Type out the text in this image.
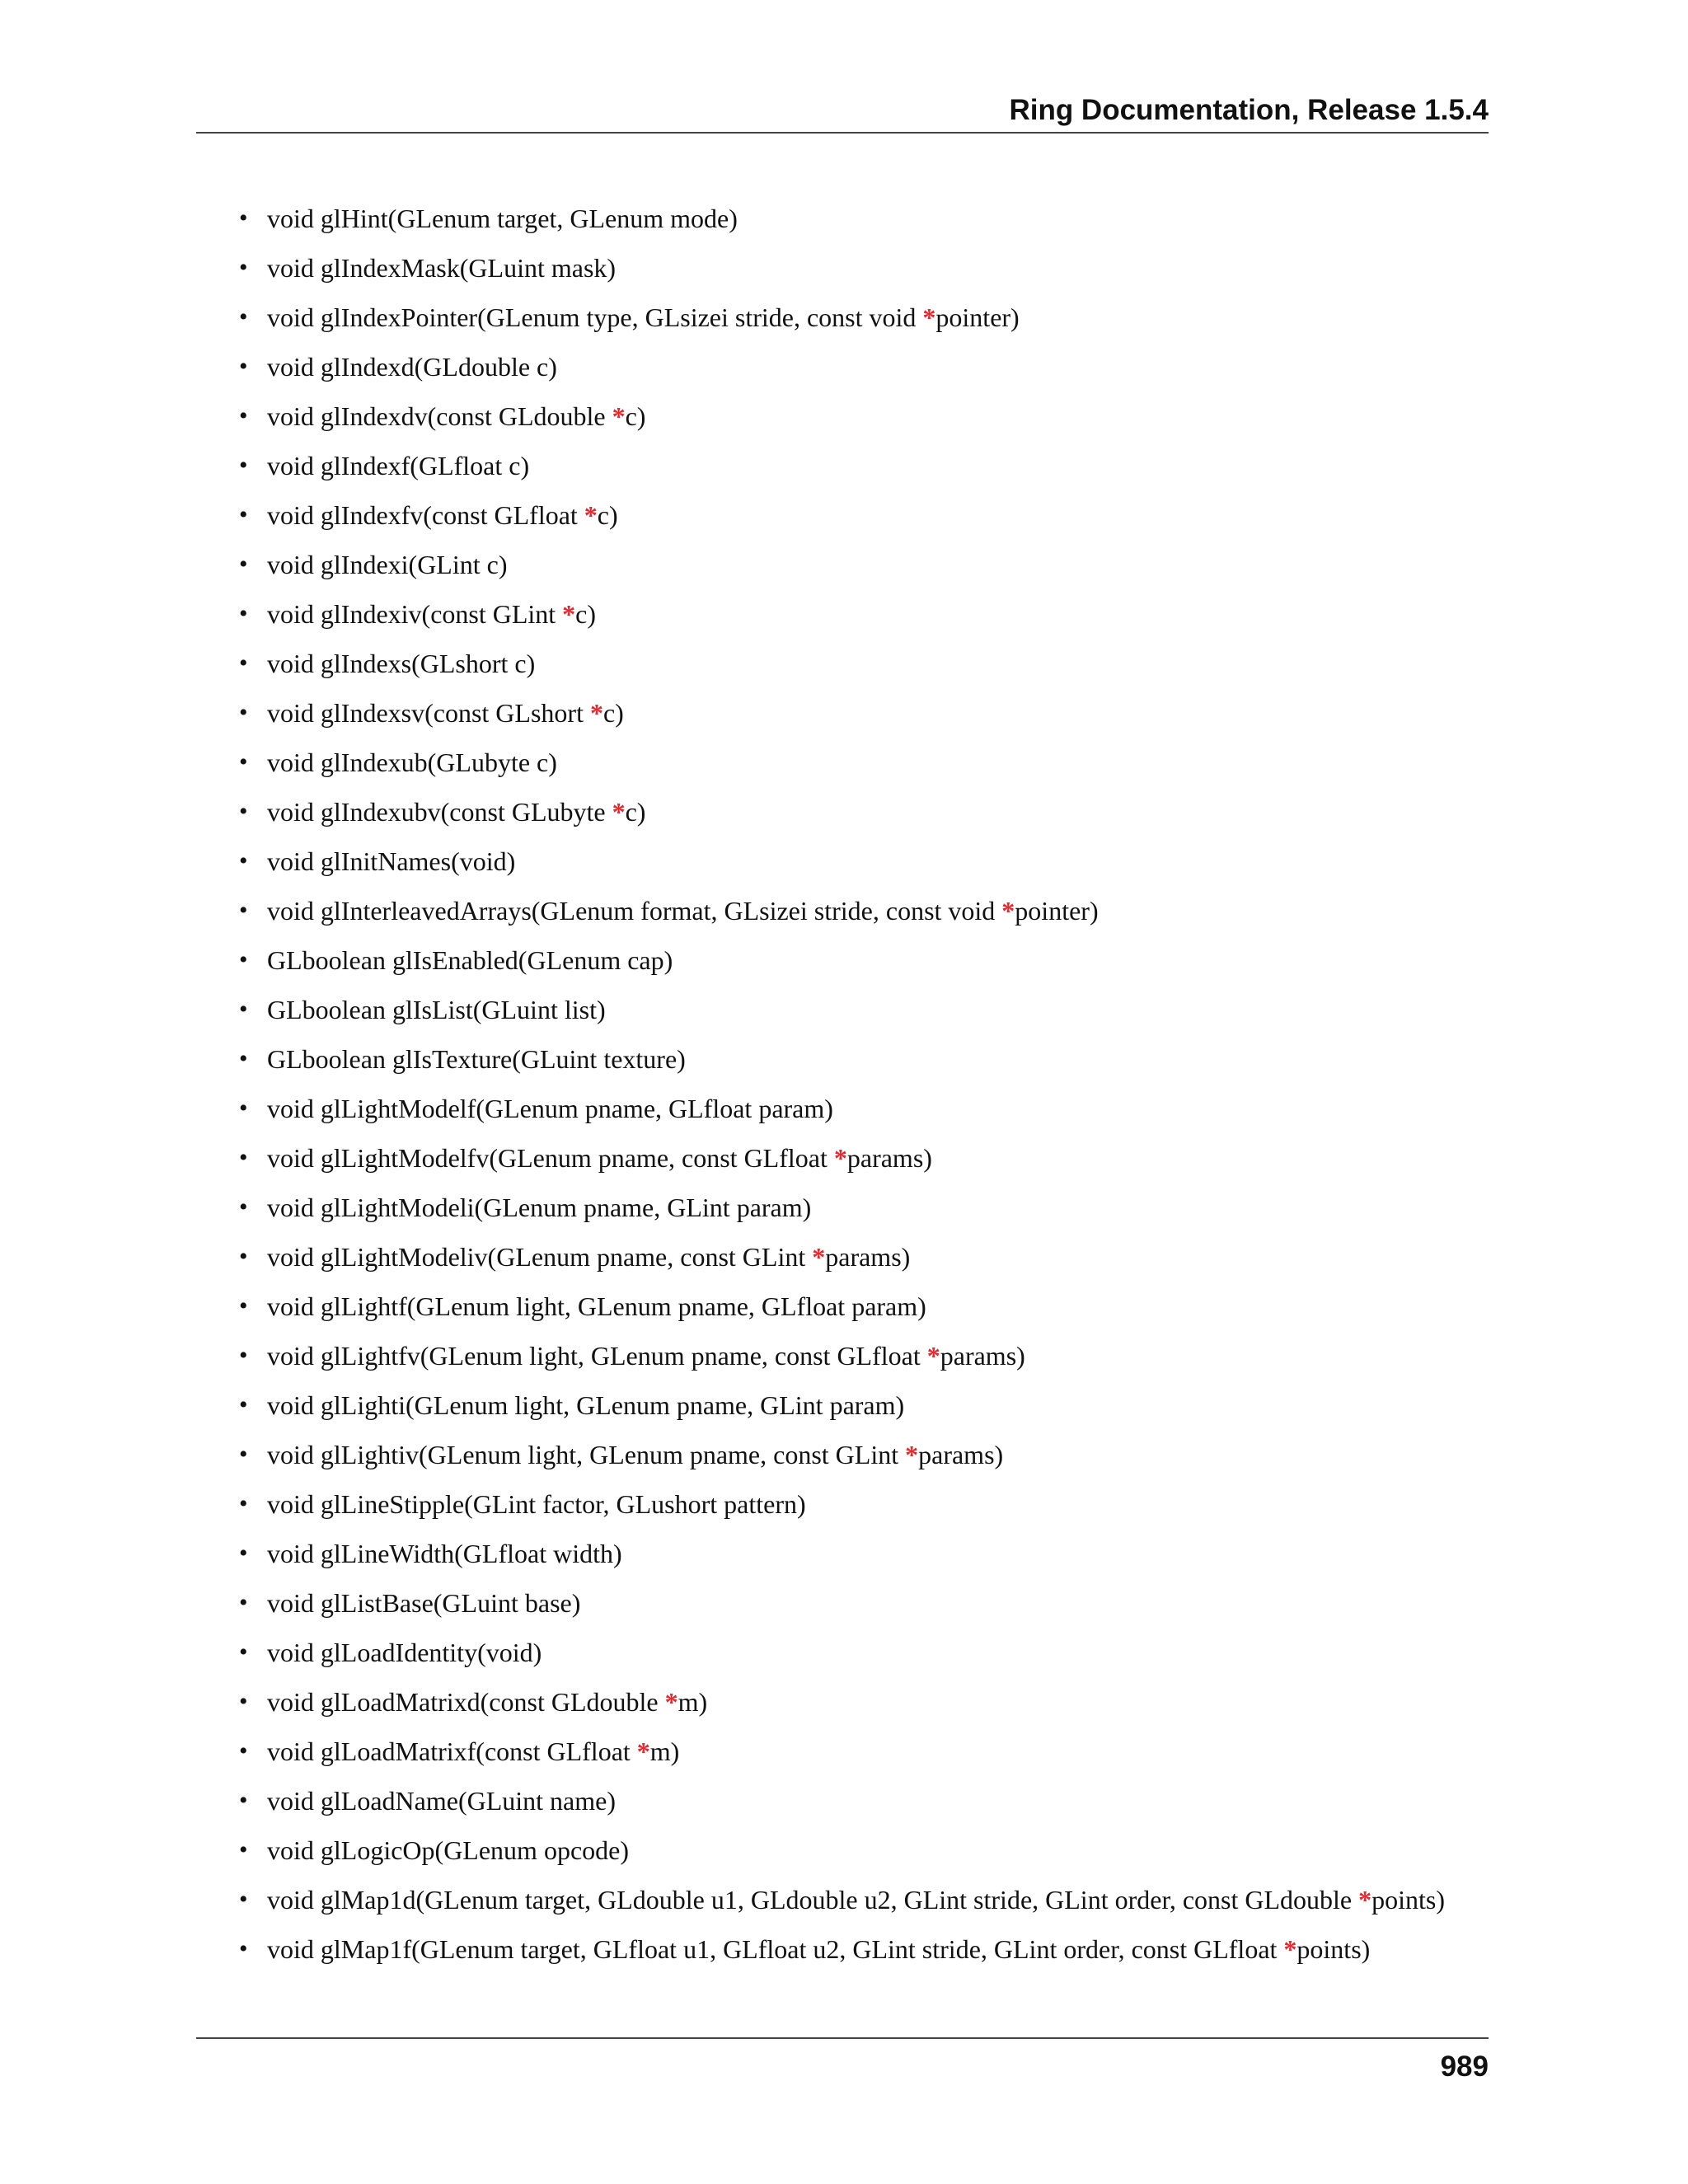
Ring Documentation, Release 1.5.4
• void glHint(GLenum target, GLenum mode)
• void glIndexMask(GLuint mask)
• void glIndexPointer(GLenum type, GLsizei stride, const void *pointer)
• void glIndexd(GLdouble c)
• void glIndexdv(const GLdouble *c)
• void glIndexf(GLfloat c)
• void glIndexfv(const GLfloat *c)
• void glIndexi(GLint c)
• void glIndexiv(const GLint *c)
• void glIndexs(GLshort c)
• void glIndexsv(const GLshort *c)
• void glIndexub(GLubyte c)
• void glIndexubv(const GLubyte *c)
• void glInitNames(void)
• void glInterleavedArrays(GLenum format, GLsizei stride, const void *pointer)
• GLboolean glIsEnabled(GLenum cap)
• GLboolean glIsList(GLuint list)
• GLboolean glIsTexture(GLuint texture)
• void glLightModelf(GLenum pname, GLfloat param)
• void glLightModelfv(GLenum pname, const GLfloat *params)
• void glLightModeli(GLenum pname, GLint param)
• void glLightModeliv(GLenum pname, const GLint *params)
• void glLightf(GLenum light, GLenum pname, GLfloat param)
• void glLightfv(GLenum light, GLenum pname, const GLfloat *params)
• void glLighti(GLenum light, GLenum pname, GLint param)
• void glLightiv(GLenum light, GLenum pname, const GLint *params)
• void glLineStipple(GLint factor, GLushort pattern)
• void glLineWidth(GLfloat width)
• void glListBase(GLuint base)
• void glLoadIdentity(void)
• void glLoadMatrixd(const GLdouble *m)
• void glLoadMatrixf(const GLfloat *m)
• void glLoadName(GLuint name)
• void glLogicOp(GLenum opcode)
• void glMap1d(GLenum target, GLdouble u1, GLdouble u2, GLint stride, GLint order, const GLdouble *points)
• void glMap1f(GLenum target, GLfloat u1, GLfloat u2, GLint stride, GLint order, const GLfloat *points)
989
